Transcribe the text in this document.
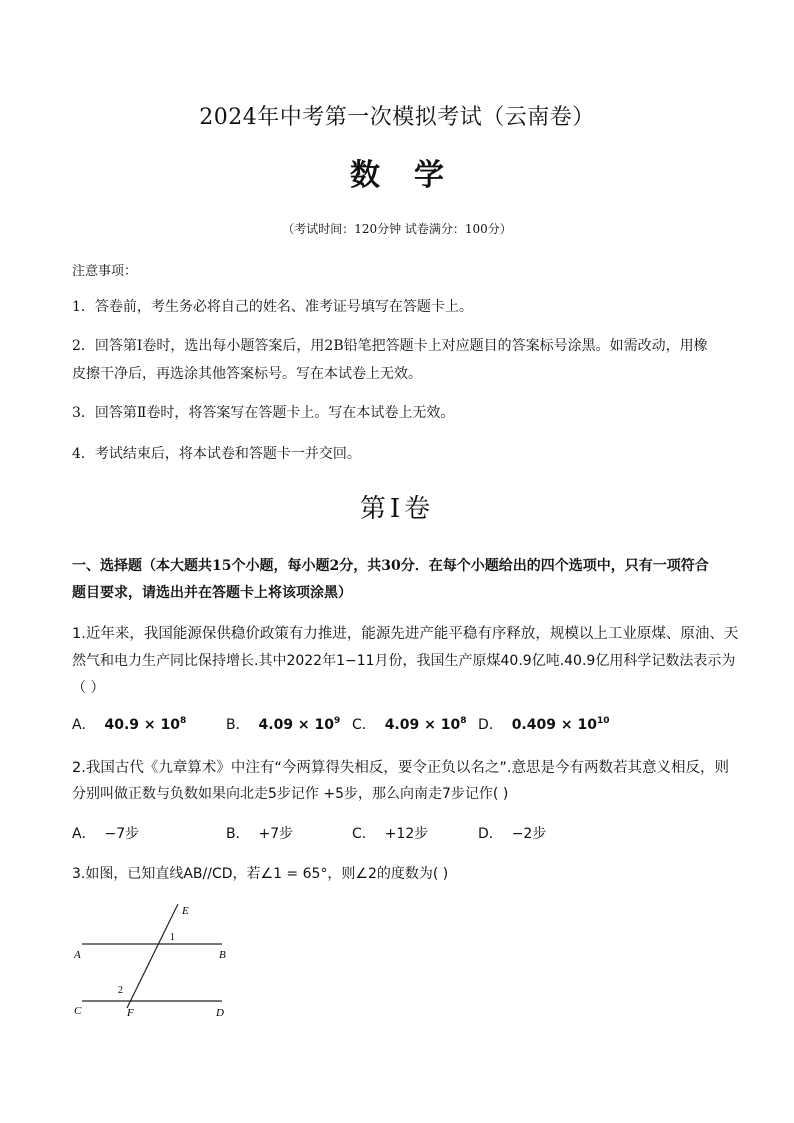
2024年中考第一次模拟考试（云南卷）
数学
（考试时间：120分钟 试卷满分：100分）
注意事项：
1．答卷前，考生务必将自己的姓名、准考证号填写在答题卡上。
2．回答第Ⅰ卷时，选出每小题答案后，用2B铅笔把答题卡上对应题目的答案标号涂黑。如需改动，用橡
皮擦干净后，再选涂其他答案标号。写在本试卷上无效。
3．回答第Ⅱ卷时，将答案写在答题卡上。写在本试卷上无效。
4．考试结束后，将本试卷和答题卡一并交回。
第Ⅰ卷
一、选择题（本大题共15个小题，每小题2分，共30分．在每个小题给出的四个选项中，只有一项符合
题目要求，请选出并在答题卡上将该项涂黑）
1.近年来，我国能源保供稳价政策有力推进，能源先进产能平稳有序释放，规模以上工业原煤、原油、天
然气和电力生产同比保持增长.其中2022年1−11月份，我国生产原煤40.9亿吨.40.9亿用科学记数法表示为
（ ）
A． $40.9 \times 10^8$	B． $4.09 \times 10^9$ C． $4.09 \times 10^8$ D． $0.409 \times 10^{10}$
2.我国古代《九章算术》中注有“今两算得失相反，要令正负以名之”.意思是今有两数若其意义相反，则
分别叫做正数与负数如果向北走5步记作 +5步，那么向南走7步记作( )
A． −7步	B． +7步	C． +12步	D． −2步
3.如图，已知直线AB//CD，若∠1 = 65°，则∠2的度数为( )
E
A	B
C	D
F
1
2
